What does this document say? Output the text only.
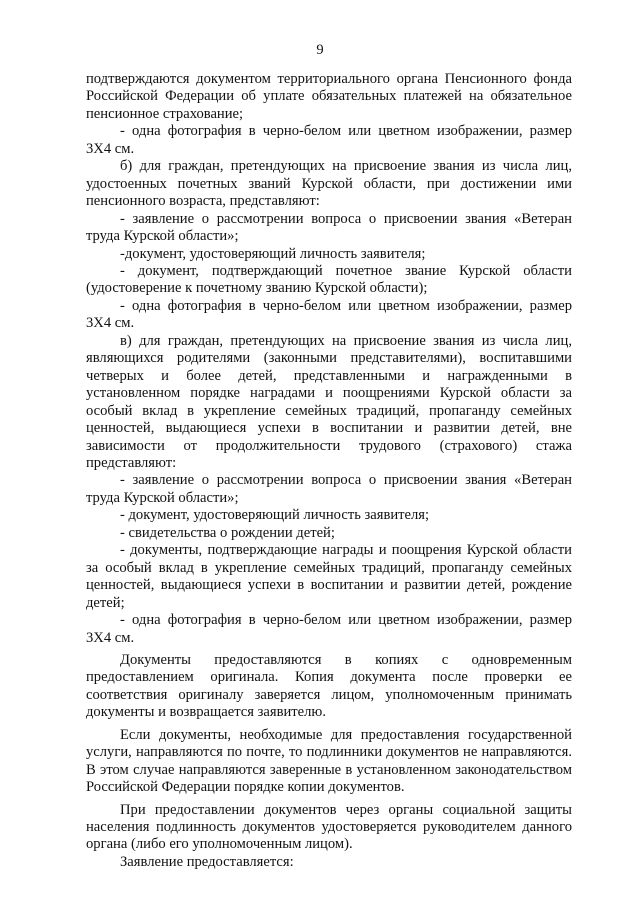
9

подтверждаются документом территориального органа Пенсионного фонда Российской Федерации об уплате обязательных платежей на обязательное пенсионное страхование;

- одна фотография в черно-белом или цветном изображении, размер 3Х4 см.

б) для граждан, претендующих на присвоение звания из числа лиц, удостоенных почетных званий Курской области, при достижении ими пенсионного возраста, представляют:

- заявление о рассмотрении вопроса о присвоении звания «Ветеран труда Курской области»;

-документ, удостоверяющий личность заявителя;

- документ, подтверждающий почетное звание Курской области (удостоверение к почетному званию Курской области);

- одна фотография в черно-белом или цветном изображении, размер 3Х4 см.

в) для граждан, претендующих на присвоение звания из числа лиц, являющихся родителями (законными представителями), воспитавшими четверых и более детей, представленными и награжденными в установленном порядке наградами и поощрениями Курской области за особый вклад в укрепление семейных традиций, пропаганду семейных ценностей, выдающиеся успехи в воспитании и развитии детей, вне зависимости от продолжительности трудового (страхового) стажа представляют:

- заявление о рассмотрении вопроса о присвоении звания «Ветеран труда Курской области»;

- документ, удостоверяющий личность заявителя;

- свидетельства о рождении детей;

- документы, подтверждающие награды и поощрения Курской области за особый вклад в укрепление семейных традиций, пропаганду семейных ценностей, выдающиеся успехи в воспитании и развитии детей, рождение детей;

- одна фотография в черно-белом или цветном изображении, размер 3Х4 см.

Документы предоставляются в копиях с одновременным предоставлением оригинала. Копия документа после проверки ее соответствия оригиналу заверяется лицом, уполномоченным принимать документы и возвращается заявителю.

Если документы, необходимые для предоставления государственной услуги, направляются по почте, то подлинники документов не направляются. В этом случае направляются заверенные в установленном законодательством Российской Федерации порядке копии документов.

При предоставлении документов через органы социальной защиты населения подлинность документов удостоверяется руководителем данного органа (либо его уполномоченным лицом).

Заявление предоставляется:
